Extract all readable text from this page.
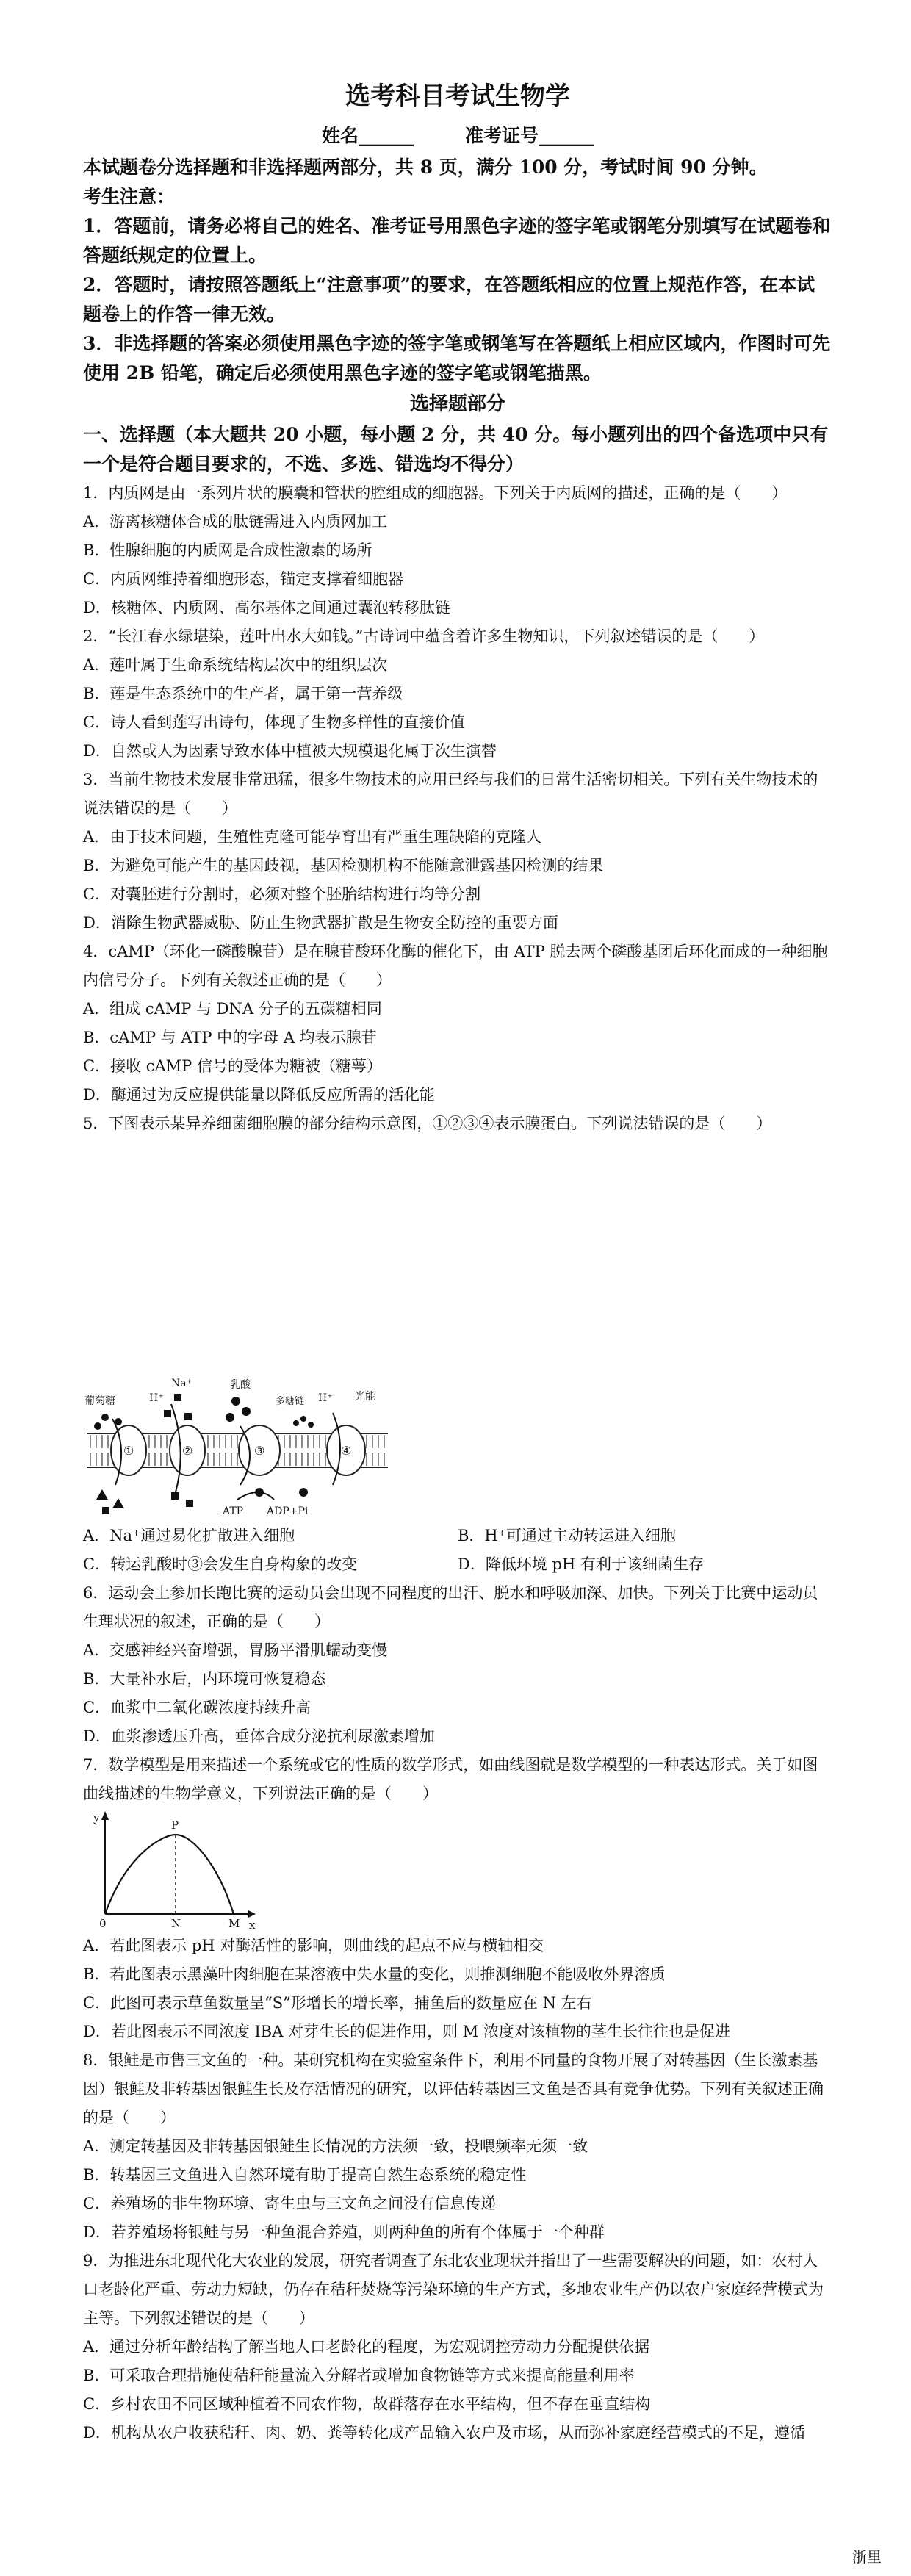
选考科目考试生物学
姓名______	准考证号______
本试题卷分选择题和非选择题两部分，共 8 页，满分 100 分，考试时间 90 分钟。
考生注意：
1．答题前，请务必将自己的姓名、准考证号用黑色字迹的签字笔或钢笔分别填写在试题卷和答题纸规定的位置上。
2．答题时，请按照答题纸上“注意事项”的要求，在答题纸相应的位置上规范作答，在本试题卷上的作答一律无效。
3．非选择题的答案必须使用黑色字迹的签字笔或钢笔写在答题纸上相应区域内，作图时可先使用 2B 铅笔，确定后必须使用黑色字迹的签字笔或钢笔描黑。
选择题部分
一、选择题（本大题共 20 小题，每小题 2 分，共 40 分。每小题列出的四个备选项中只有一个是符合题目要求的，不选、多选、错选均不得分）
1．内质网是由一系列片状的膜囊和管状的腔组成的细胞器。下列关于内质网的描述，正确的是（　　）
A．游离核糖体合成的肽链需进入内质网加工
B．性腺细胞的内质网是合成性激素的场所
C．内质网维持着细胞形态，锚定支撑着细胞器
D．核糖体、内质网、高尔基体之间通过囊泡转移肽链
2．“长江春水绿堪染，莲叶出水大如钱。”古诗词中蕴含着许多生物知识，下列叙述错误的是（　　）
A．莲叶属于生命系统结构层次中的组织层次
B．莲是生态系统中的生产者，属于第一营养级
C．诗人看到莲写出诗句，体现了生物多样性的直接价值
D．自然或人为因素导致水体中植被大规模退化属于次生演替
3．当前生物技术发展非常迅猛，很多生物技术的应用已经与我们的日常生活密切相关。下列有关生物技术的说法错误的是（　　）
A．由于技术问题，生殖性克隆可能孕育出有严重生理缺陷的克隆人
B．为避免可能产生的基因歧视，基因检测机构不能随意泄露基因检测的结果
C．对囊胚进行分割时，必须对整个胚胎结构进行均等分割
D．消除生物武器威胁、防止生物武器扩散是生物安全防控的重要方面
4．cAMP（环化一磷酸腺苷）是在腺苷酸环化酶的催化下，由 ATP 脱去两个磷酸基团后环化而成的一种细胞内信号分子。下列有关叙述正确的是（　　）
A．组成 cAMP 与 DNA 分子的五碳糖相同
B．cAMP 与 ATP 中的字母 A 均表示腺苷
C．接收 cAMP 信号的受体为糖被（糖萼）
D．酶通过为反应提供能量以降低反应所需的活化能
5．下图表示某异养细菌细胞膜的部分结构示意图，①②③④表示膜蛋白。下列说法错误的是（　　）
①	②	③	④
葡萄糖
Na⁺	乳酸
多糖链	光能
H⁺	H⁺
ATP ADP+Pi
A．Na⁺通过易化扩散进入细胞	B．H⁺可通过主动转运进入细胞
C．转运乳酸时③会发生自身构象的改变	D．降低环境 pH 有利于该细菌生存
6．运动会上参加长跑比赛的运动员会出现不同程度的出汗、脱水和呼吸加深、加快。下列关于比赛中运动员生理状况的叙述，正确的是（　　）
A．交感神经兴奋增强，胃肠平滑肌蠕动变慢
B．大量补水后，内环境可恢复稳态
C．血浆中二氧化碳浓度持续升高
D．血浆渗透压升高，垂体合成分泌抗利尿激素增加
7．数学模型是用来描述一个系统或它的性质的数学形式，如曲线图就是数学模型的一种表达形式。关于如图曲线描述的生物学意义，下列说法正确的是（　　）
y
x
P
0	N	M
A．若此图表示 pH 对酶活性的影响，则曲线的起点不应与横轴相交
B．若此图表示黑藻叶肉细胞在某溶液中失水量的变化，则推测细胞不能吸收外界溶质
C．此图可表示草鱼数量呈“S”形增长的增长率，捕鱼后的数量应在 N 左右
D．若此图表示不同浓度 IBA 对芽生长的促进作用，则 M 浓度对该植物的茎生长往往也是促进
8．银鲑是市售三文鱼的一种。某研究机构在实验室条件下，利用不同量的食物开展了对转基因（生长激素基因）银鲑及非转基因银鲑生长及存活情况的研究，以评估转基因三文鱼是否具有竞争优势。下列有关叙述正确的是（　　）
A．测定转基因及非转基因银鲑生长情况的方法须一致，投喂频率无须一致
B．转基因三文鱼进入自然环境有助于提高自然生态系统的稳定性
C．养殖场的非生物环境、寄生虫与三文鱼之间没有信息传递
D．若养殖场将银鲑与另一种鱼混合养殖，则两种鱼的所有个体属于一个种群
9．为推进东北现代化大农业的发展，研究者调查了东北农业现状并指出了一些需要解决的问题，如：农村人口老龄化严重、劳动力短缺，仍存在秸秆焚烧等污染环境的生产方式，多地农业生产仍以农户家庭经营模式为主等。下列叙述错误的是（　　）
A．通过分析年龄结构了解当地人口老龄化的程度，为宏观调控劳动力分配提供依据
B．可采取合理措施使秸秆能量流入分解者或增加食物链等方式来提高能量利用率
C．乡村农田不同区域种植着不同农作物，故群落存在水平结构，但不存在垂直结构
D．机构从农户收获秸秆、肉、奶、粪等转化成产品输入农户及市场，从而弥补家庭经营模式的不足，遵循
浙里
